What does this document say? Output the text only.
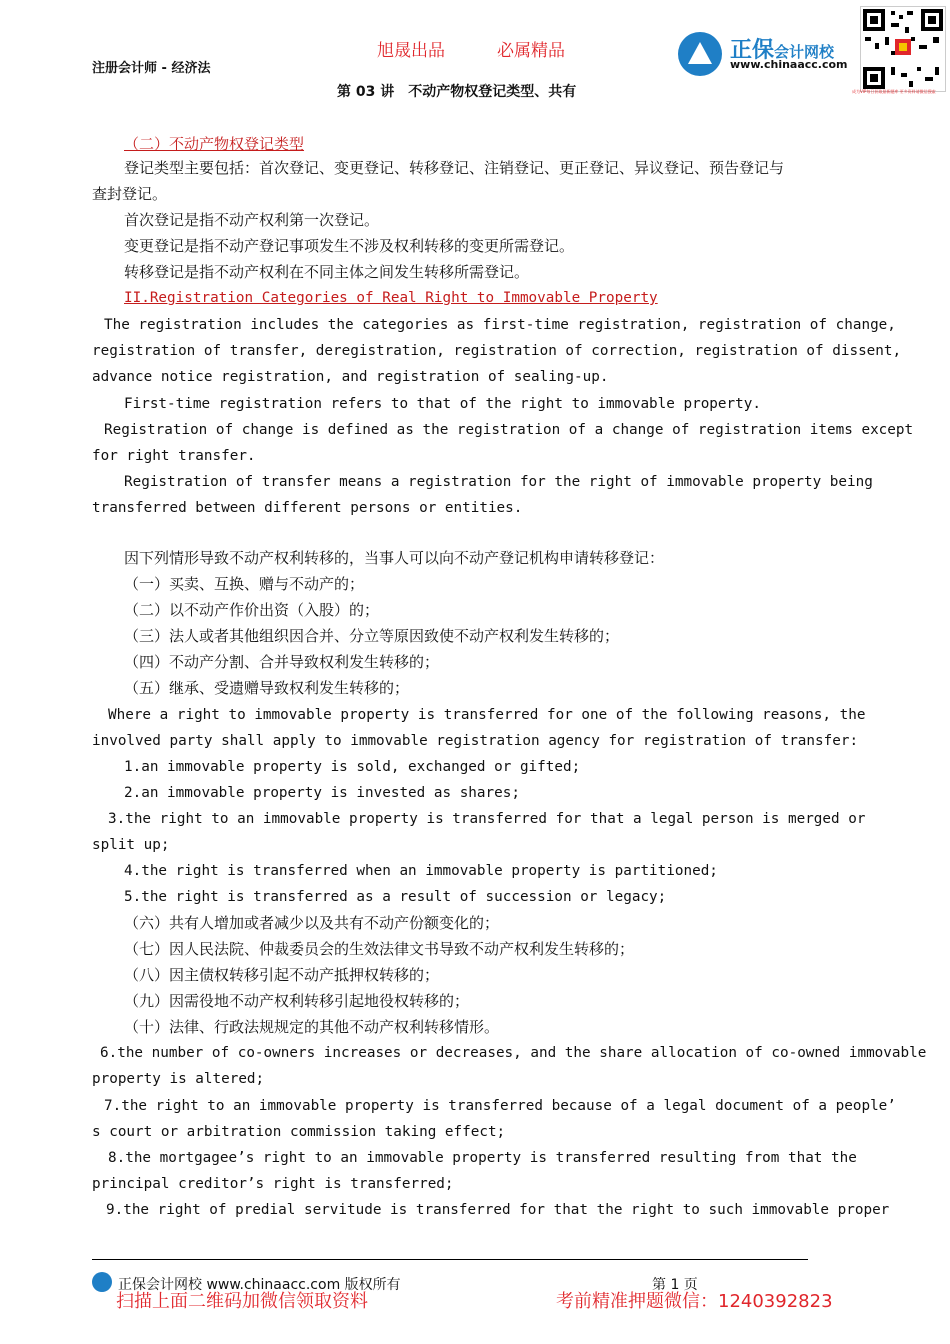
注册会计师 - 经济法
旭晟出品	必属精品
第 03 讲　不动产物权登记类型、共有
正保会计网校
www.chinaacc.com
成为VIP每日获取最新题库 更多资料请微信搜索
（二）不动产物权登记类型
登记类型主要包括：首次登记、变更登记、转移登记、注销登记、更正登记、异议登记、预告登记与
查封登记。
首次登记是指不动产权利第一次登记。
变更登记是指不动产登记事项发生不涉及权利转移的变更所需登记。
转移登记是指不动产权利在不同主体之间发生转移所需登记。
II.Registration Categories of Real Right to Immovable Property
The registration includes the categories as first-time registration, registration of change,
registration of transfer, deregistration, registration of correction, registration of dissent,
advance notice registration, and registration of sealing-up.
First-time registration refers to that of the right to immovable property.
Registration of change is defined as the registration of a change of registration items except
for right transfer.
Registration of transfer means a registration for the right of immovable property being
transferred between different persons or entities.
因下列情形导致不动产权利转移的，当事人可以向不动产登记机构申请转移登记：
（一）买卖、互换、赠与不动产的；
（二）以不动产作价出资（入股）的；
（三）法人或者其他组织因合并、分立等原因致使不动产权利发生转移的；
（四）不动产分割、合并导致权利发生转移的；
（五）继承、受遗赠导致权利发生转移的；
Where a right to immovable property is transferred for one of the following reasons, the
involved party shall apply to immovable registration agency for registration of transfer:
1.an immovable property is sold, exchanged or gifted;
2.an immovable property is invested as shares;
3.the right to an immovable property is transferred for that a legal person is merged or
split up;
4.the right is transferred when an immovable property is partitioned;
5.the right is transferred as a result of succession or legacy;
（六）共有人增加或者减少以及共有不动产份额变化的；
（七）因人民法院、仲裁委员会的生效法律文书导致不动产权利发生转移的；
（八）因主债权转移引起不动产抵押权转移的；
（九）因需役地不动产权利转移引起地役权转移的；
（十）法律、行政法规规定的其他不动产权利转移情形。
6.the number of co-owners increases or decreases, and the share allocation of co-owned immovable
property is altered;
7.the right to an immovable property is transferred because of a legal document of a people’
s court or arbitration commission taking effect;
8.the mortgagee’s right to an immovable property is transferred resulting from that the
principal creditor’s right is transferred;
9.the right of predial servitude is transferred for that the right to such immovable proper
正保会计网校 www.chinaacc.com 版权所有	第 1 页
扫描上面二维码加微信领取资料	考前精准押题微信：1240392823
